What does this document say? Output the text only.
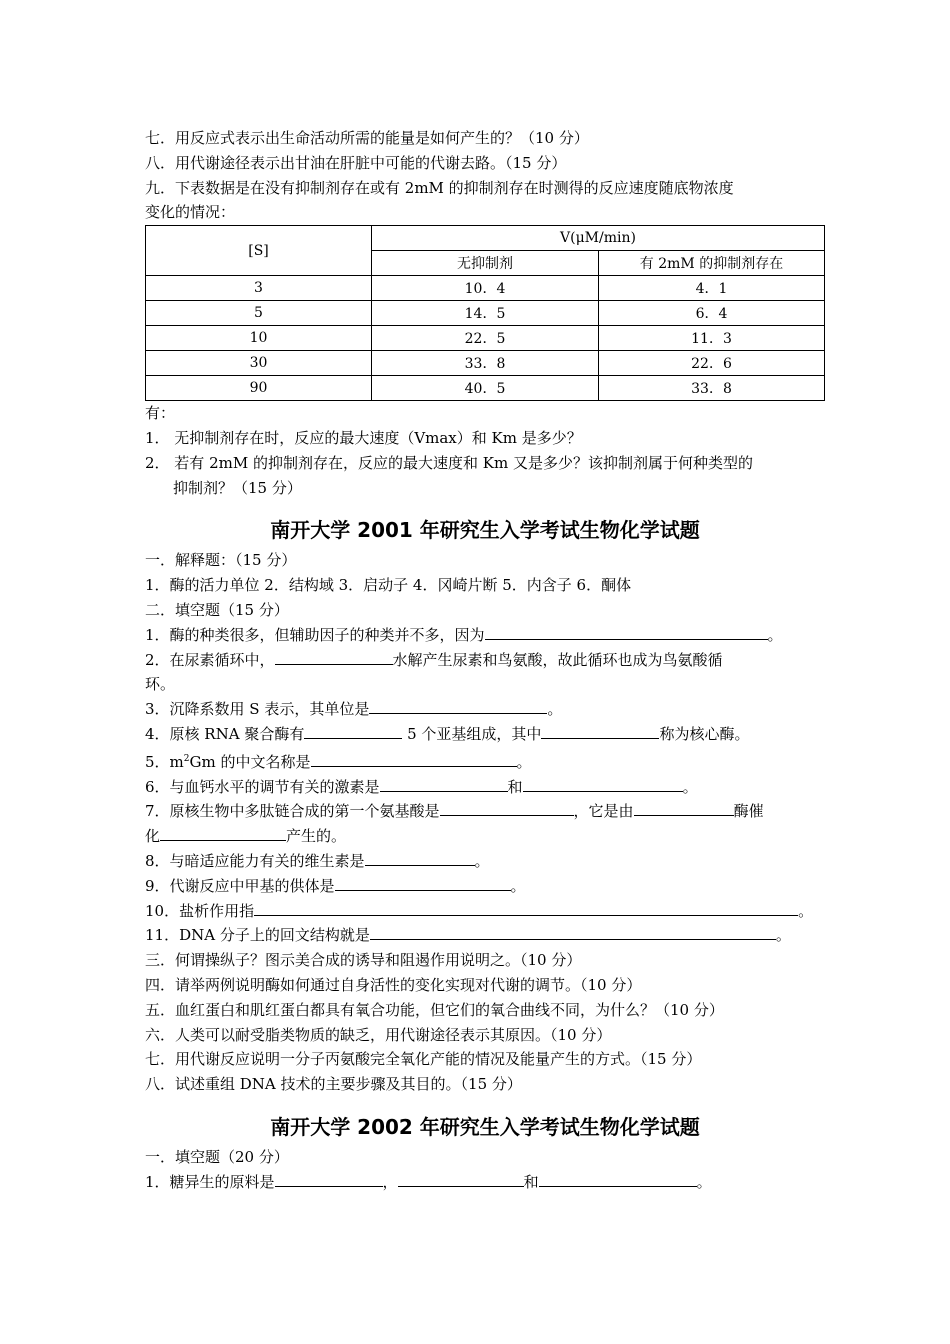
七．用反应式表示出生命活动所需的能量是如何产生的？（10 分）
八．用代谢途径表示出甘油在肝脏中可能的代谢去路。（15 分）
九．下表数据是在没有抑制剂存在或有 2mM 的抑制剂存在时测得的反应速度随底物浓度
变化的情况：
[S]	V(μM/min)	
	无抑制剂	有 2mM 的抑制剂存在
3	10．4	4．1
5	14．5	6．4
10	22．5	11．3
30	33．8	22．6
90	40．5	33．8
有：
1． 无抑制剂存在时，反应的最大速度（Vmax）和 Km 是多少？
2． 若有 2mM 的抑制剂存在，反应的最大速度和 Km 又是多少？该抑制剂属于何种类型的
抑制剂？（15 分）
南开大学 2001 年研究生入学考试生物化学试题
一．解释题：（15 分）
1．酶的活力单位 2．结构域 3．启动子 4．冈崎片断 5．内含子 6．酮体
二．填空题（15 分）
1．酶的种类很多，但辅助因子的种类并不多，因为	。
2．在尿素循环中，	水解产生尿素和鸟氨酸，故此循环也成为鸟氨酸循
环。
3．沉降系数用 S 表示，其单位是	。
4．原核 RNA 聚合酶有	5 个亚基组成，其中	称为核心酶。
5．$m^2Gm$ 的中文名称是	。
6．与血钙水平的调节有关的激素是	和	。
7．原核生物中多肽链合成的第一个氨基酸是	，它是由	酶催
化	产生的。
8．与暗适应能力有关的维生素是	。
9．代谢反应中甲基的供体是	。
10．盐析作用指	。
11．DNA 分子上的回文结构就是	。
三．何谓操纵子？图示美合成的诱导和阻遏作用说明之。（10 分）
四．请举两例说明酶如何通过自身活性的变化实现对代谢的调节。（10 分）
五．血红蛋白和肌红蛋白都具有氧合功能，但它们的氧合曲线不同，为什么？（10 分）
六．人类可以耐受脂类物质的缺乏，用代谢途径表示其原因。（10 分）
七．用代谢反应说明一分子丙氨酸完全氧化产能的情况及能量产生的方式。（15 分）
八．试述重组 DNA 技术的主要步骤及其目的。（15 分）
南开大学 2002 年研究生入学考试生物化学试题
一．填空题（20 分）
1．糖异生的原料是	，	和	。
